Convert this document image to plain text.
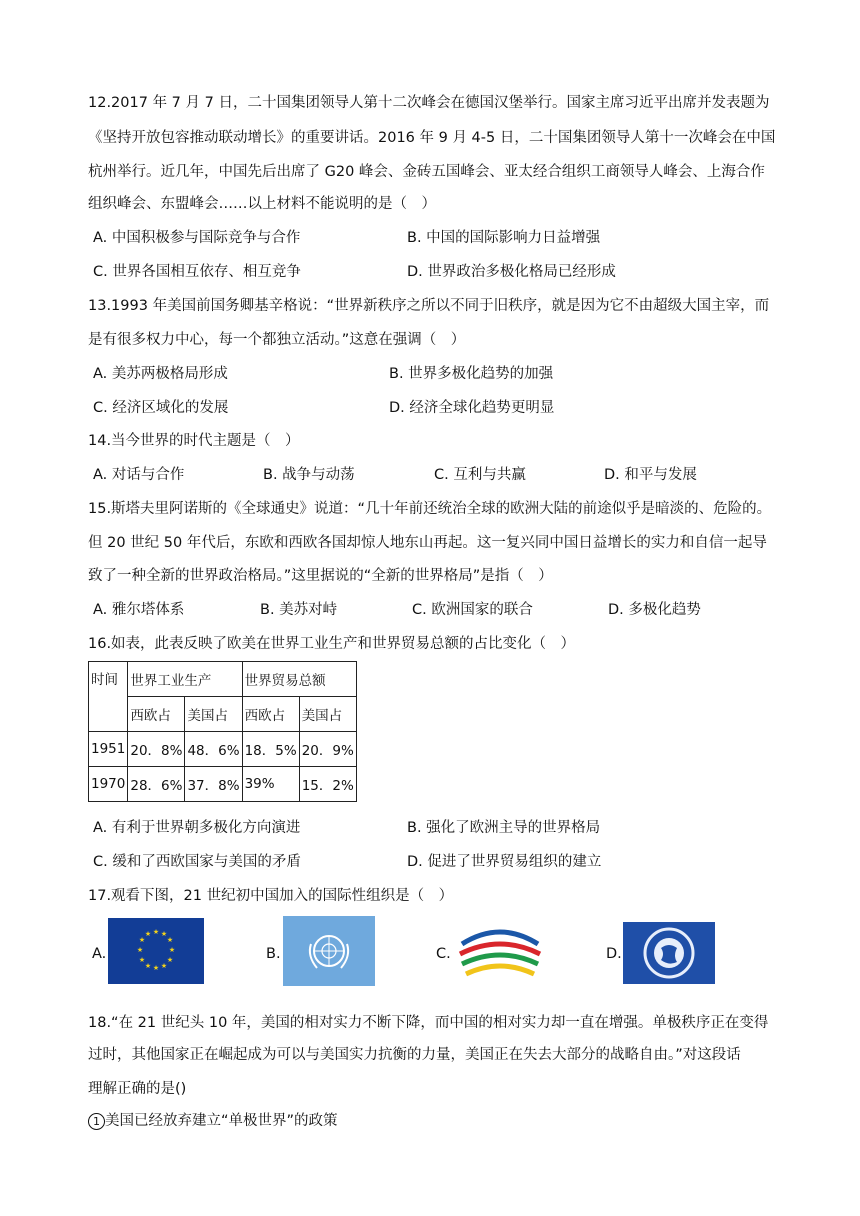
12.2017 年 7 月 7 日，二十国集团领导人第十二次峰会在德国汉堡举行。国家主席习近平出席并发表题为
《坚持开放包容推动联动增长》的重要讲话。2016 年 9 月 4-5 日，二十国集团领导人第十一次峰会在中国
杭州举行。近几年，中国先后出席了 G20 峰会、金砖五国峰会、亚太经合组织工商领导人峰会、上海合作
组织峰会、东盟峰会……以上材料不能说明的是（　）
A. 中国积极参与国际竞争与合作	B. 中国的国际影响力日益增强
C. 世界各国相互依存、相互竞争	D. 世界政治多极化格局已经形成
13.1993 年美国前国务卿基辛格说：“世界新秩序之所以不同于旧秩序，就是因为它不由超级大国主宰，而
是有很多权力中心，每一个都独立活动。”这意在强调（　）
A. 美苏两极格局形成	B. 世界多极化趋势的加强
C. 经济区域化的发展	D. 经济全球化趋势更明显
14.当今世界的时代主题是（　）
A. 对话与合作	B. 战争与动荡	C. 互利与共赢	D. 和平与发展
15.斯塔夫里阿诺斯的《全球通史》说道：“几十年前还统治全球的欧洲大陆的前途似乎是暗淡的、危险的。
但 20 世纪 50 年代后，东欧和西欧各国却惊人地东山再起。这一复兴同中国日益增长的实力和自信一起导
致了一种全新的世界政治格局。”这里据说的“全新的世界格局”是指（　）
A. 雅尔塔体系	B. 美苏对峙	C. 欧洲国家的联合	D. 多极化趋势
16.如表，此表反映了欧美在世界工业生产和世界贸易总额的占比变化（　）
时间	世界工业生产		世界贸易总额	
	西欧占	美国占	西欧占	美国占
1951	20．8%	48．6%	18．5%	20．9%
1970	28．6%	37．8%	39%	15．2%
A. 有利于世界朝多极化方向演进	B. 强化了欧洲主导的世界格局
C. 缓和了西欧国家与美国的矛盾	D. 促进了世界贸易组织的建立
17.观看下图，21 世纪初中国加入的国际性组织是（　）
A.	B.	C.	D.
★ ★
★
★
★
★
★
★
★
★
★
★
18.“在 21 世纪头 10 年，美国的相对实力不断下降，而中国的相对实力却一直在增强。单极秩序正在变得
过时，其他国家正在崛起成为可以与美国实力抗衡的力量，美国正在失去大部分的战略自由。”对这段话
理解正确的是()
1 美国已经放弃建立“单极世界”的政策
